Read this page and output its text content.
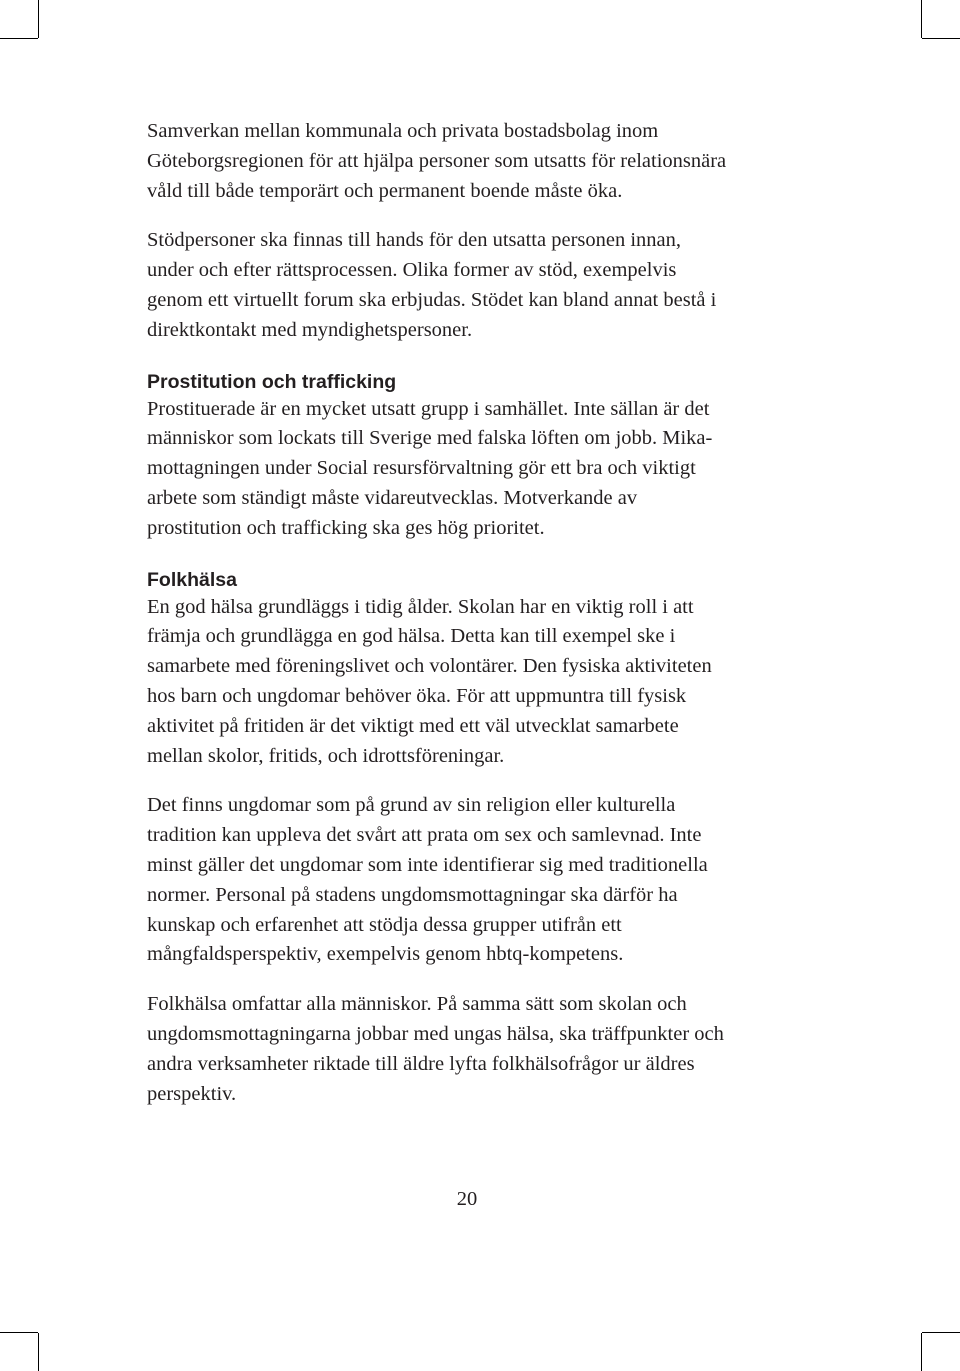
Samverkan mellan kommunala och privata bostadsbolag inom
Göteborgsregionen för att hjälpa personer som utsatts för relationsnära
våld till både temporärt och permanent boende måste öka.

Stödpersoner ska finnas till hands för den utsatta personen innan,
under och efter rättsprocessen. Olika former av stöd, exempelvis
genom ett virtuellt forum ska erbjudas. Stödet kan bland annat bestå i
direktkontakt med myndighetspersoner.

Prostitution och trafficking

Prostituerade är en mycket utsatt grupp i samhället. Inte sällan är det
människor som lockats till Sverige med falska löften om jobb. Mika-
mottagningen under Social resursförvaltning gör ett bra och viktigt
arbete som ständigt måste vidareutvecklas. Motverkande av
prostitution och trafficking ska ges hög prioritet.

Folkhälsa

En god hälsa grundläggs i tidig ålder. Skolan har en viktig roll i att
främja och grundlägga en god hälsa. Detta kan till exempel ske i
samarbete med föreningslivet och volontärer. Den fysiska aktiviteten
hos barn och ungdomar behöver öka. För att uppmuntra till fysisk
aktivitet på fritiden är det viktigt med ett väl utvecklat samarbete
mellan skolor, fritids, och idrottsföreningar.

Det finns ungdomar som på grund av sin religion eller kulturella
tradition kan uppleva det svårt att prata om sex och samlevnad. Inte
minst gäller det ungdomar som inte identifierar sig med traditionella
normer. Personal på stadens ungdomsmottagningar ska därför ha
kunskap och erfarenhet att stödja dessa grupper utifrån ett
mångfaldsperspektiv, exempelvis genom hbtq-kompetens.

Folkhälsa omfattar alla människor. På samma sätt som skolan och
ungdomsmottagningarna jobbar med ungas hälsa, ska träffpunkter och
andra verksamheter riktade till äldre lyfta folkhälsofrågor ur äldres
perspektiv.

20
